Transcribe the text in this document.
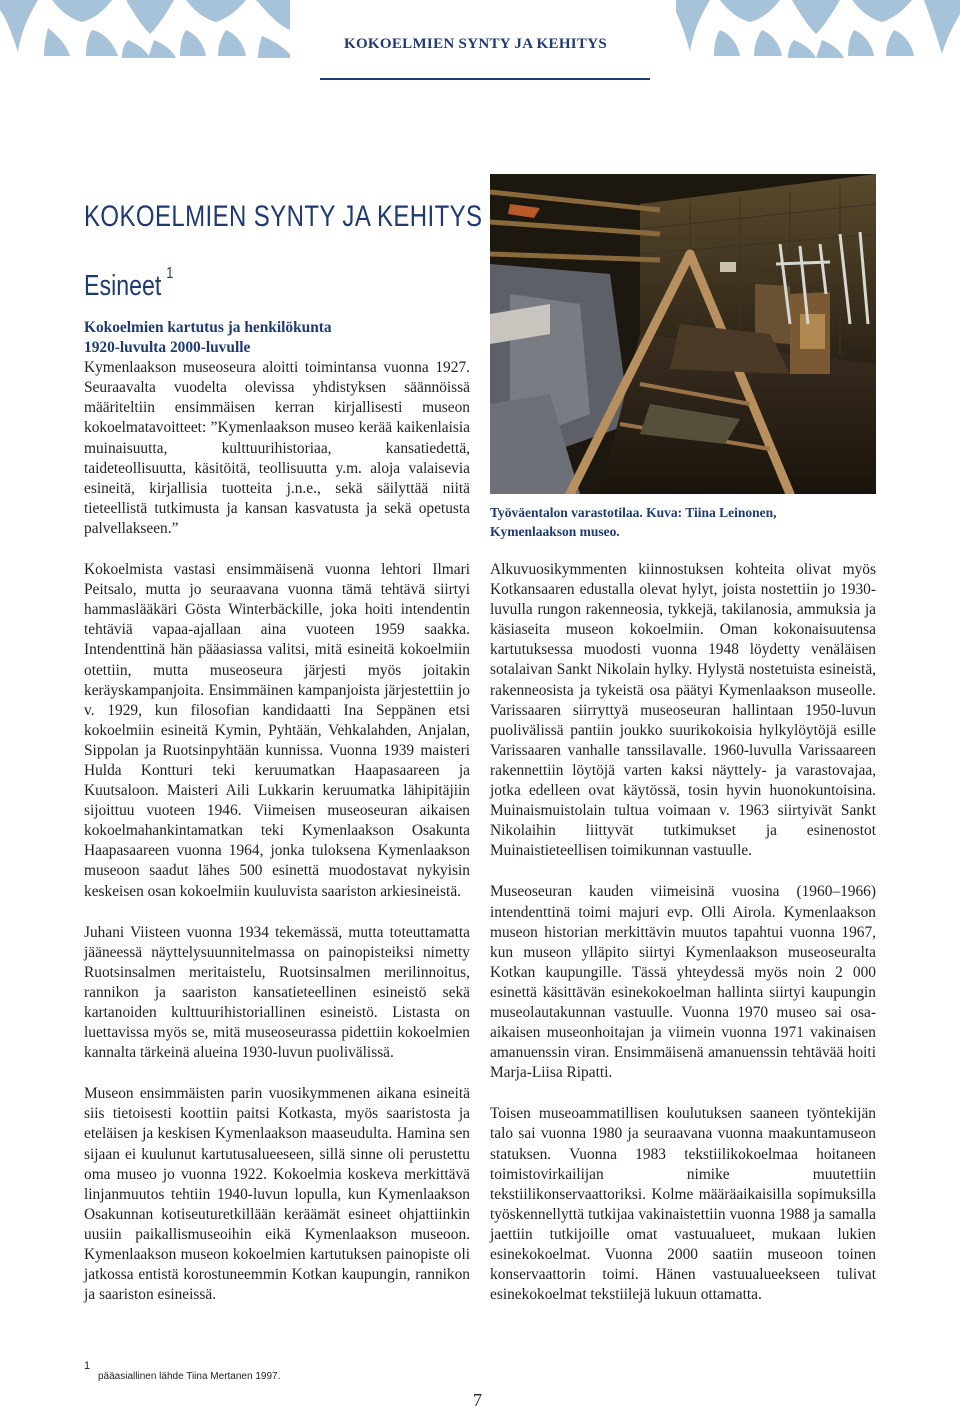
KOKOELMIEN SYNTY JA KEHITYS
KOKOELMIEN SYNTY JA KEHITYS
Esineet $^1$
Kokoelmien kartutus ja henkilökunta
1920-luvulta 2000-luvulle

Kymenlaakson museoseura aloitti toimintansa vuonna 1927. Seuraavalta vuodelta olevissa yhdistyksen säännöissä määriteltiin ensimmäisen kerran kirjallisesti museon kokoelmatavoitteet: ”Kymenlaakson museo kerää kaikenlaisia muinaisuutta, kulttuurihistoriaa, kansatiedettä, taideteollisuutta, käsitöitä, teollisuutta y.m. aloja valaisevia esineitä, kirjallisia tuotteita j.n.e., sekä säilyttää niitä tieteellistä tutkimusta ja kansan kasvatusta ja sekä opetusta palvellakseen.”

Kokoelmista vastasi ensimmäisenä vuonna lehtori Ilmari Peitsalo, mutta jo seuraavana vuonna tämä tehtävä siirtyi hammaslääkäri Gösta Winterbäckille, joka hoiti intendentin tehtäviä vapaa-ajallaan aina vuoteen 1959 saakka. Intendenttinä hän pääasiassa valitsi, mitä esineitä kokoelmiin otettiin, mutta museoseura järjesti myös joitakin keräyskampanjoita. Ensimmäinen kampanjoista järjestettiin jo v. 1929, kun filosofian kandidaatti Ina Seppänen etsi kokoelmiin esineitä Kymin, Pyhtään, Vehkalahden, Anjalan, Sippolan ja Ruotsinpyhtään kunnissa. Vuonna 1939 maisteri Hulda Kontturi teki keruumatkan Haapasaareen ja Kuutsaloon. Maisteri Aili Lukkarin keruumatka lähipitäjiin sijoittuu vuoteen 1946. Viimeisen museoseuran aikaisen kokoelmahankintamatkan teki Kymenlaakson Osakunta Haapasaareen vuonna 1964, jonka tuloksena Kymenlaakson museoon saadut lähes 500 esinettä muodostavat nykyisin keskeisen osan kokoelmiin kuuluvista saariston arkiesineistä.

Juhani Viisteen vuonna 1934 tekemässä, mutta toteuttamatta jääneessä näyttelysuunnitelmassa on painopisteiksi nimetty Ruotsinsalmen meritaistelu, Ruotsinsalmen merilinnoitus, rannikon ja saariston kansatieteellinen esineistö sekä kartanoiden kulttuurihistoriallinen esineistö. Listasta on luettavissa myös se, mitä museoseurassa pidettiin kokoelmien kannalta tärkeinä alueina 1930-luvun puolivälissä.

Museon ensimmäisten parin vuosikymmenen aikana esineitä siis tietoisesti koottiin paitsi Kotkasta, myös saaristosta ja eteläisen ja keskisen Kymenlaakson maaseudulta. Hamina sen sijaan ei kuulunut kartutusalueeseen, sillä sinne oli perustettu oma museo jo vuonna 1922. Kokoelmia koskeva merkittävä linjanmuutos tehtiin 1940-luvun lopulla, kun Kymenlaakson Osakunnan kotiseuturetkillään keräämät esineet ohjattiinkin uusiin paikallismuseoihin eikä Kymenlaakson museoon. Kymenlaakson museon kokoelmien kartutuksen painopiste oli jatkossa entistä korostuneemmin Kotkan kaupungin, rannikon ja saariston esineissä.

Työväentalon varastotilaa. Kuva: Tiina Leinonen,
Kymenlaakson museo.

Alkuvuosikymmenten kiinnostuksen kohteita olivat myös Kotkansaaren edustalla olevat hylyt, joista nostettiin jo 1930-luvulla rungon rakenneosia, tykkejä, takilanosia, ammuksia ja käsiaseita museon kokoelmiin. Oman kokonaisuutensa kartutuksessa muodosti vuonna 1948 löydetty venäläisen sotalaivan Sankt Nikolain hylky. Hylystä nostetuista esineistä, rakenneosista ja tykeistä osa päätyi Kymenlaakson museolle. Varissaaren siirryttyä museoseuran hallintaan 1950-luvun puolivälissä pantiin joukko suurikokoisia hylkylöytöjä esille Varissaaren vanhalle tanssilavalle. 1960-luvulla Varissaareen rakennettiin löytöjä varten kaksi näyttely- ja varastovajaa, jotka edelleen ovat käytössä, tosin hyvin huonokuntoisina. Muinaismuistolain tultua voimaan v. 1963 siirtyivät Sankt Nikolaihin liittyvät tutkimukset ja esinenostot Muinaistieteellisen toimikunnan vastuulle.

Museoseuran kauden viimeisinä vuosina (1960–1966) intendenttinä toimi majuri evp. Olli Airola. Kymenlaakson museon historian merkittävin muutos tapahtui vuonna 1967, kun museon ylläpito siirtyi Kymenlaakson museoseuralta Kotkan kaupungille. Tässä yhteydessä myös noin 2 000 esinettä käsittävän esinekokoelman hallinta siirtyi kaupungin museolautakunnan vastuulle. Vuonna 1970 museo sai osa-aikaisen museonhoitajan ja viimein vuonna 1971 vakinaisen amanuenssin viran. Ensimmäisenä amanuenssin tehtävää hoiti Marja-Liisa Ripatti.

Toisen museoammatillisen koulutuksen saaneen työntekijän talo sai vuonna 1980 ja seuraavana vuonna maakuntamuseon statuksen. Vuonna 1983 tekstiilikokoelmaa hoitaneen toimistovirkailijan nimike muutettiin tekstiilikonservaattoriksi. Kolme määräaikaisilla sopimuksilla työskennellyttä tutkijaa vakinaistettiin vuonna 1988 ja samalla jaettiin tutkijoille omat vastuualueet, mukaan lukien esinekokoelmat. Vuonna 2000 saatiin museoon toinen konservaattorin toimi. Hänen vastuualueekseen tulivat esinekokoelmat tekstiilejä lukuun ottamatta.

1
pääasiallinen lähde Tiina Mertanen 1997.
7
